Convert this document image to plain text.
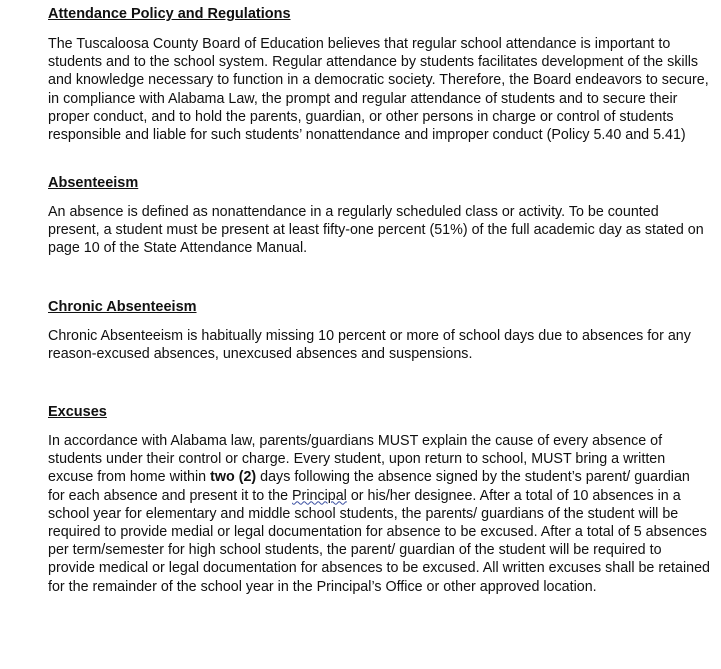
Attendance Policy and Regulations

The Tuscaloosa County Board of Education believes that regular school attendance is important to students and to the school system. Regular attendance by students facilitates development of the skills and knowledge necessary to function in a democratic society. Therefore, the Board endeavors to secure, in compliance with Alabama Law, the prompt and regular attendance of students and to secure their proper conduct, and to hold the parents, guardian, or other persons in charge or control of students responsible and liable for such students’ nonattendance and improper conduct (Policy 5.40 and 5.41)

Absenteeism

An absence is defined as nonattendance in a regularly scheduled class or activity. To be counted present, a student must be present at least fifty-one percent (51%) of the full academic day as stated on page 10 of the State Attendance Manual.

Chronic Absenteeism

Chronic Absenteeism is habitually missing 10 percent or more of school days due to absences for any reason-excused absences, unexcused absences and suspensions.

Excuses

In accordance with Alabama law, parents/guardians MUST explain the cause of every absence of students under their control or charge. Every student, upon return to school, MUST bring a written excuse from home within two (2) days following the absence signed by the student’s parent/ guardian for each absence and present it to the Principal or his/her designee. After a total of 10 absences in a school year for elementary and middle school students, the parents/ guardians of the student will be required to provide medial or legal documentation for absence to be excused. After a total of 5 absences per term/semester for high school students, the parent/ guardian of the student will be required to provide medical or legal documentation for absences to be excused. All written excuses shall be retained for the remainder of the school year in the Principal’s Office or other approved location.
